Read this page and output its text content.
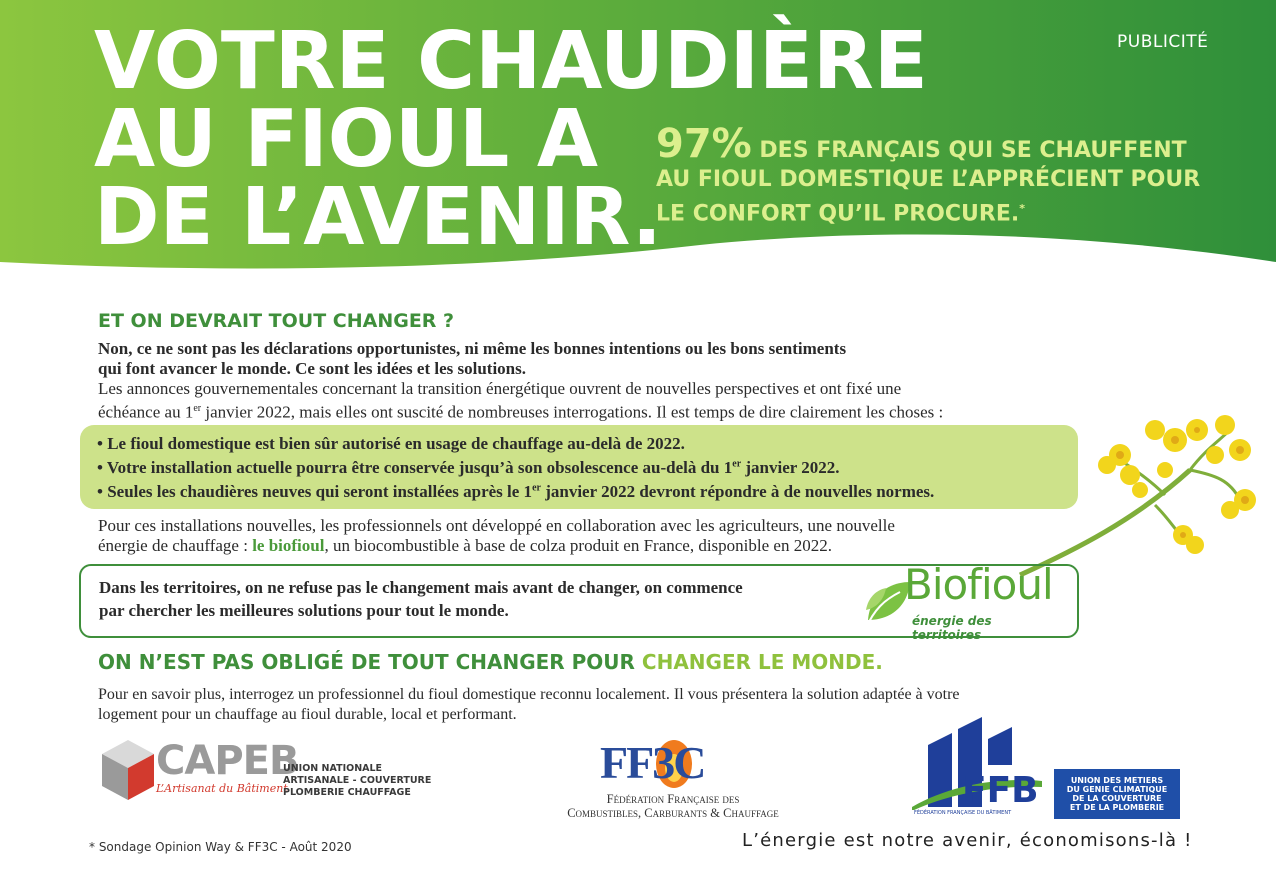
PUBLICITÉ
VOTRE CHAUDIÈRE
AU FIOUL A
DE L’AVENIR.
97% DES FRANÇAIS QUI SE CHAUFFENT
AU FIOUL DOMESTIQUE L’APPRÉCIENT POUR
LE CONFORT QU’IL PROCURE.*
ET ON DEVRAIT TOUT CHANGER ?

Non, ce ne sont pas les déclarations opportunistes, ni même les bonnes intentions ou les bons sentiments
qui font avancer le monde. Ce sont les idées et les solutions.
Les annonces gouvernementales concernant la transition énergétique ouvrent de nouvelles perspectives et ont fixé une
échéance au 1er janvier 2022, mais elles ont suscité de nombreuses interrogations. Il est temps de dire clairement les choses :

• Le fioul domestique est bien sûr autorisé en usage de chauffage au-delà de 2022.
• Votre installation actuelle pourra être conservée jusqu’à son obsolescence au-delà du 1er janvier 2022.
• Seules les chaudières neuves qui seront installées après le 1er janvier 2022 devront répondre à de nouvelles normes.

Pour ces installations nouvelles, les professionnels ont développé en collaboration avec les agriculteurs, une nouvelle
énergie de chauffage : le biofioul, un biocombustible à base de colza produit en France, disponible en 2022.

Dans les territoires, on ne refuse pas le changement mais avant de changer, on commence
par chercher les meilleures solutions pour tout le monde.
Biofioul
énergie des territoires
ON N’EST PAS OBLIGÉ DE TOUT CHANGER POUR CHANGER LE MONDE.

Pour en savoir plus, interrogez un professionnel du fioul domestique reconnu localement. Il vous présentera la solution adaptée à votre
logement pour un chauffage au fioul durable, local et performant.

CAPEB
L’Artisanat du Bâtiment
UNION NATIONALE
ARTISANALE - COUVERTURE
PLOMBERIE CHAUFFAGE
FF3C
Fédération Française des
Combustibles, Carburants & Chauffage
FFB
FÉDÉRATION FRANÇAISE DU BÂTIMENT
UNION DES METIERS
DU GENIE CLIMATIQUE
DE LA COUVERTURE
ET DE LA PLOMBERIE
* Sondage Opinion Way & FF3C - Août 2020	L’énergie est notre avenir, économisons-là !
